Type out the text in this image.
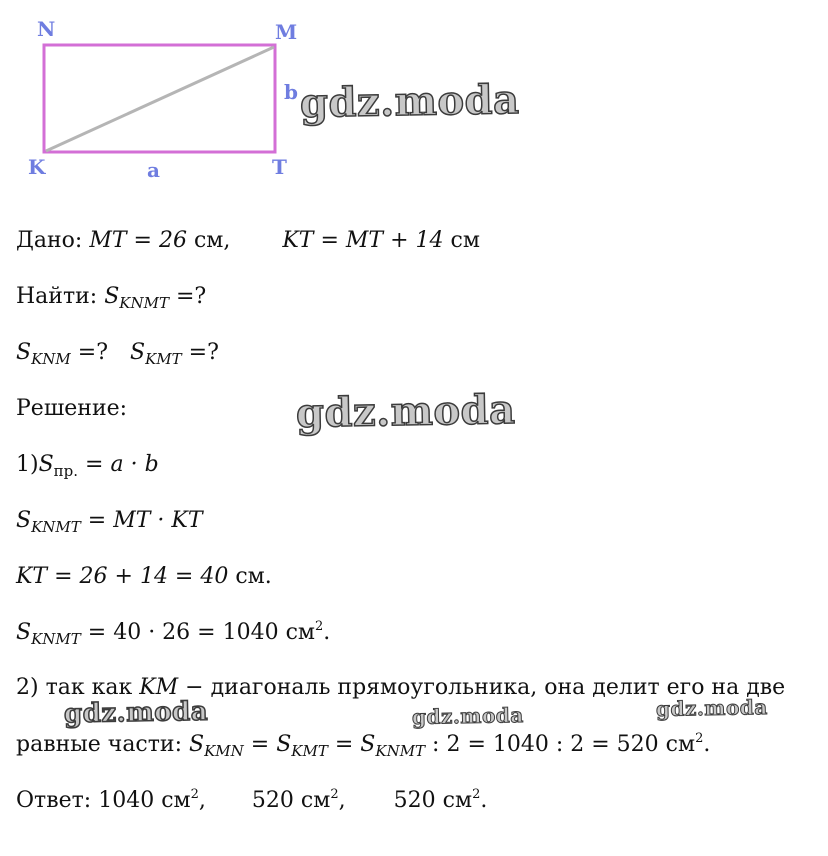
N	M
K	T
a
b gdz.moda
gdz.moda
gdz.moda	gdz.moda	gdz.moda
Дано: MT = 26 см, KT = MT + 14 см
Найти: $S_{KNMT}$ =?
$S_{KNM}$ =? $S_{KMT}$ =?
Решение:
$1)S_{пр.} = a \cdot b$
$S_{KNMT}$ = MT · KT
KT = 26 + 14 = 40 см.
$S_{KNMT} = 40 \cdot 26 = 1040$ $см^2$.
2) так как KM − диагональ прямоугольника, она делит его на две
равные части: $S_{KMN} = S_{KMT} = S_{KNMT}$ : 2 = 1040 : 2 = 520 $см^2$.
Ответ: 1040 $см^2$, 520 $см^2$, 520 $см^2$.
